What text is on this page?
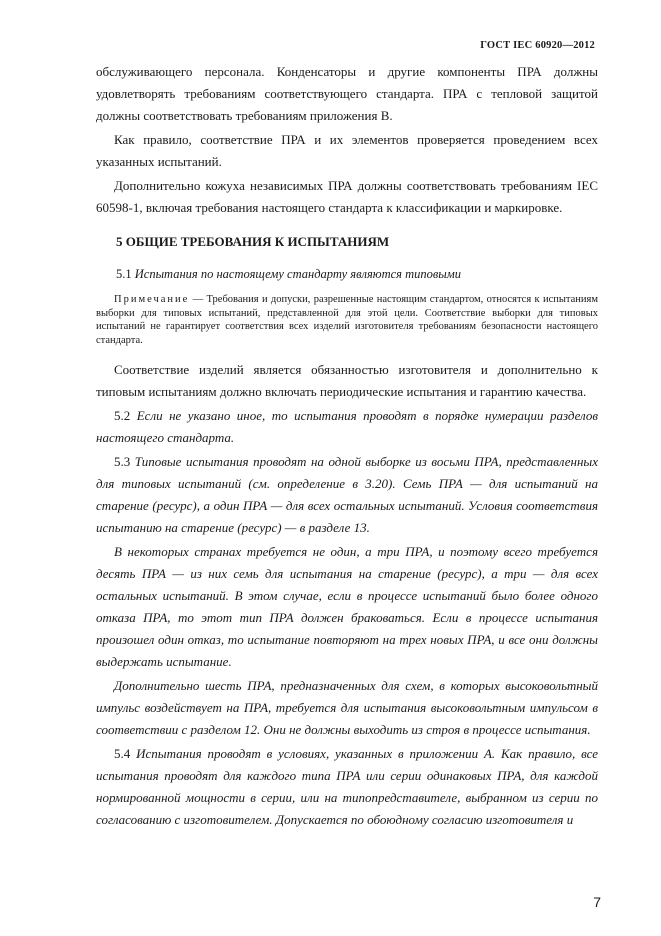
ГОСТ IEC 60920—2012

обслуживающего персонала. Конденсаторы и другие компоненты ПРА должны удовлетворять требованиям соответствующего стандарта. ПРА с тепловой защитой должны соответствовать требованиям приложения В.

Как правило, соответствие ПРА и их элементов проверяется проведением всех указанных испытаний.

Дополнительно кожуха независимых ПРА должны соответствовать требованиям IEC 60598-1, включая требования настоящего стандарта к классификации и маркировке.

5 ОБЩИЕ ТРЕБОВАНИЯ К ИСПЫТАНИЯМ

5.1 Испытания по настоящему стандарту являются типовыми

Примечание — Требования и допуски, разрешенные настоящим стандартом, относятся к испытаниям выборки для типовых испытаний, представленной для этой цели. Соответствие выборки для типовых испытаний не гарантирует соответствия всех изделий изготовителя требованиям безопасности настоящего стандарта.

Соответствие изделий является обязанностью изготовителя и дополнительно к типовым испытаниям должно включать периодические испытания и гарантию качества.

5.2 Если не указано иное, то испытания проводят в порядке нумерации разделов настоящего стандарта.

5.3 Типовые испытания проводят на одной выборке из восьми ПРА, представленных для типовых испытаний (см. определение в 3.20). Семь ПРА — для испытаний на старение (ресурс), а один ПРА — для всех остальных испытаний. Условия соответствия испытанию на старение (ресурс) — в разделе 13.

В некоторых странах требуется не один, а три ПРА, и поэтому всего требуется десять ПРА — из них семь для испытания на старение (ресурс), а три — для всех остальных испытаний. В этом случае, если в процессе испытаний было более одного отказа ПРА, то этот тип ПРА должен браковаться. Если в процессе испытания произошел один отказ, то испытание повторяют на трех новых ПРА, и все они должны выдержать испытание.

Дополнительно шесть ПРА, предназначенных для схем, в которых высоковольтный импульс воздействует на ПРА, требуется для испытания высоковольтным импульсом в соответствии с разделом 12. Они не должны выходить из строя в процессе испытания.

5.4 Испытания проводят в условиях, указанных в приложении А. Как правило, все испытания проводят для каждого типа ПРА или серии одинаковых ПРА, для каждой нормированной мощности в серии, или на типопредставителе, выбранном из серии по согласованию с изготовителем. Допускается по обоюдному согласию изготовителя и

7
